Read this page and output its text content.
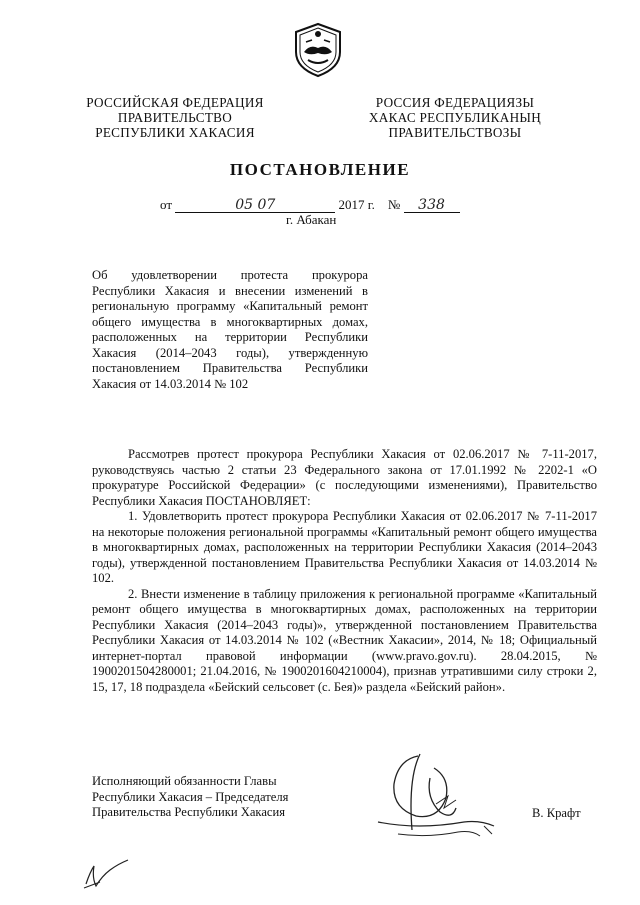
РОССИЙСКАЯ ФЕДЕРАЦИЯ
ПРАВИТЕЛЬСТВО
РЕСПУБЛИКИ ХАКАСИЯ
РОССИЯ ФЕДЕРАЦИЯЗЫ
ХАКАС РЕСПУБЛИКАНЫҢ
ПРАВИТЕЛЬСТВОЗЫ
ПОСТАНОВЛЕНИЕ
от	05 07	2017 г. № 338
г. Абакан
Об удовлетворении протеста прокурора Республики Хакасия и внесении изменений в региональную программу «Капитальный ремонт общего имущества в многоквартирных домах, расположенных на территории Республики Хакасия (2014–2043 годы), утвержденную постановлением Правительства Республики Хакасия от 14.03.2014 № 102

Рассмотрев протест прокурора Республики Хакасия от 02.06.2017 № 7-11-2017, руководствуясь частью 2 статьи 23 Федерального закона от 17.01.1992 № 2202-1 «О прокуратуре Российской Федерации» (с последующими изменениями), Правительство Республики Хакасия ПОСТАНОВЛЯЕТ:

1. Удовлетворить протест прокурора Республики Хакасия от 02.06.2017 № 7-11-2017 на некоторые положения региональной программы «Капитальный ремонт общего имущества в многоквартирных домах, расположенных на территории Республики Хакасия (2014–2043 годы), утвержденной постановлением Правительства Республики Хакасия от 14.03.2014 № 102.

2. Внести изменение в таблицу приложения к региональной программе «Капитальный ремонт общего имущества в многоквартирных домах, расположенных на территории Республики Хакасия (2014–2043 годы)», утвержденной постановлением Правительства Республики Хакасия от 14.03.2014 № 102 («Вестник Хакасии», 2014, № 18; Официальный интернет-портал правовой информации (www.pravo.gov.ru). 28.04.2015, № 1900201504280001; 21.04.2016, № 1900201604210004), признав утратившими силу строки 2, 15, 17, 18 подраздела «Бейский сельсовет (с. Бея)» раздела «Бейский район».

Исполняющий обязанности Главы
Республики Хакасия – Председателя
Правительства Республики Хакасия	В. Крафт
